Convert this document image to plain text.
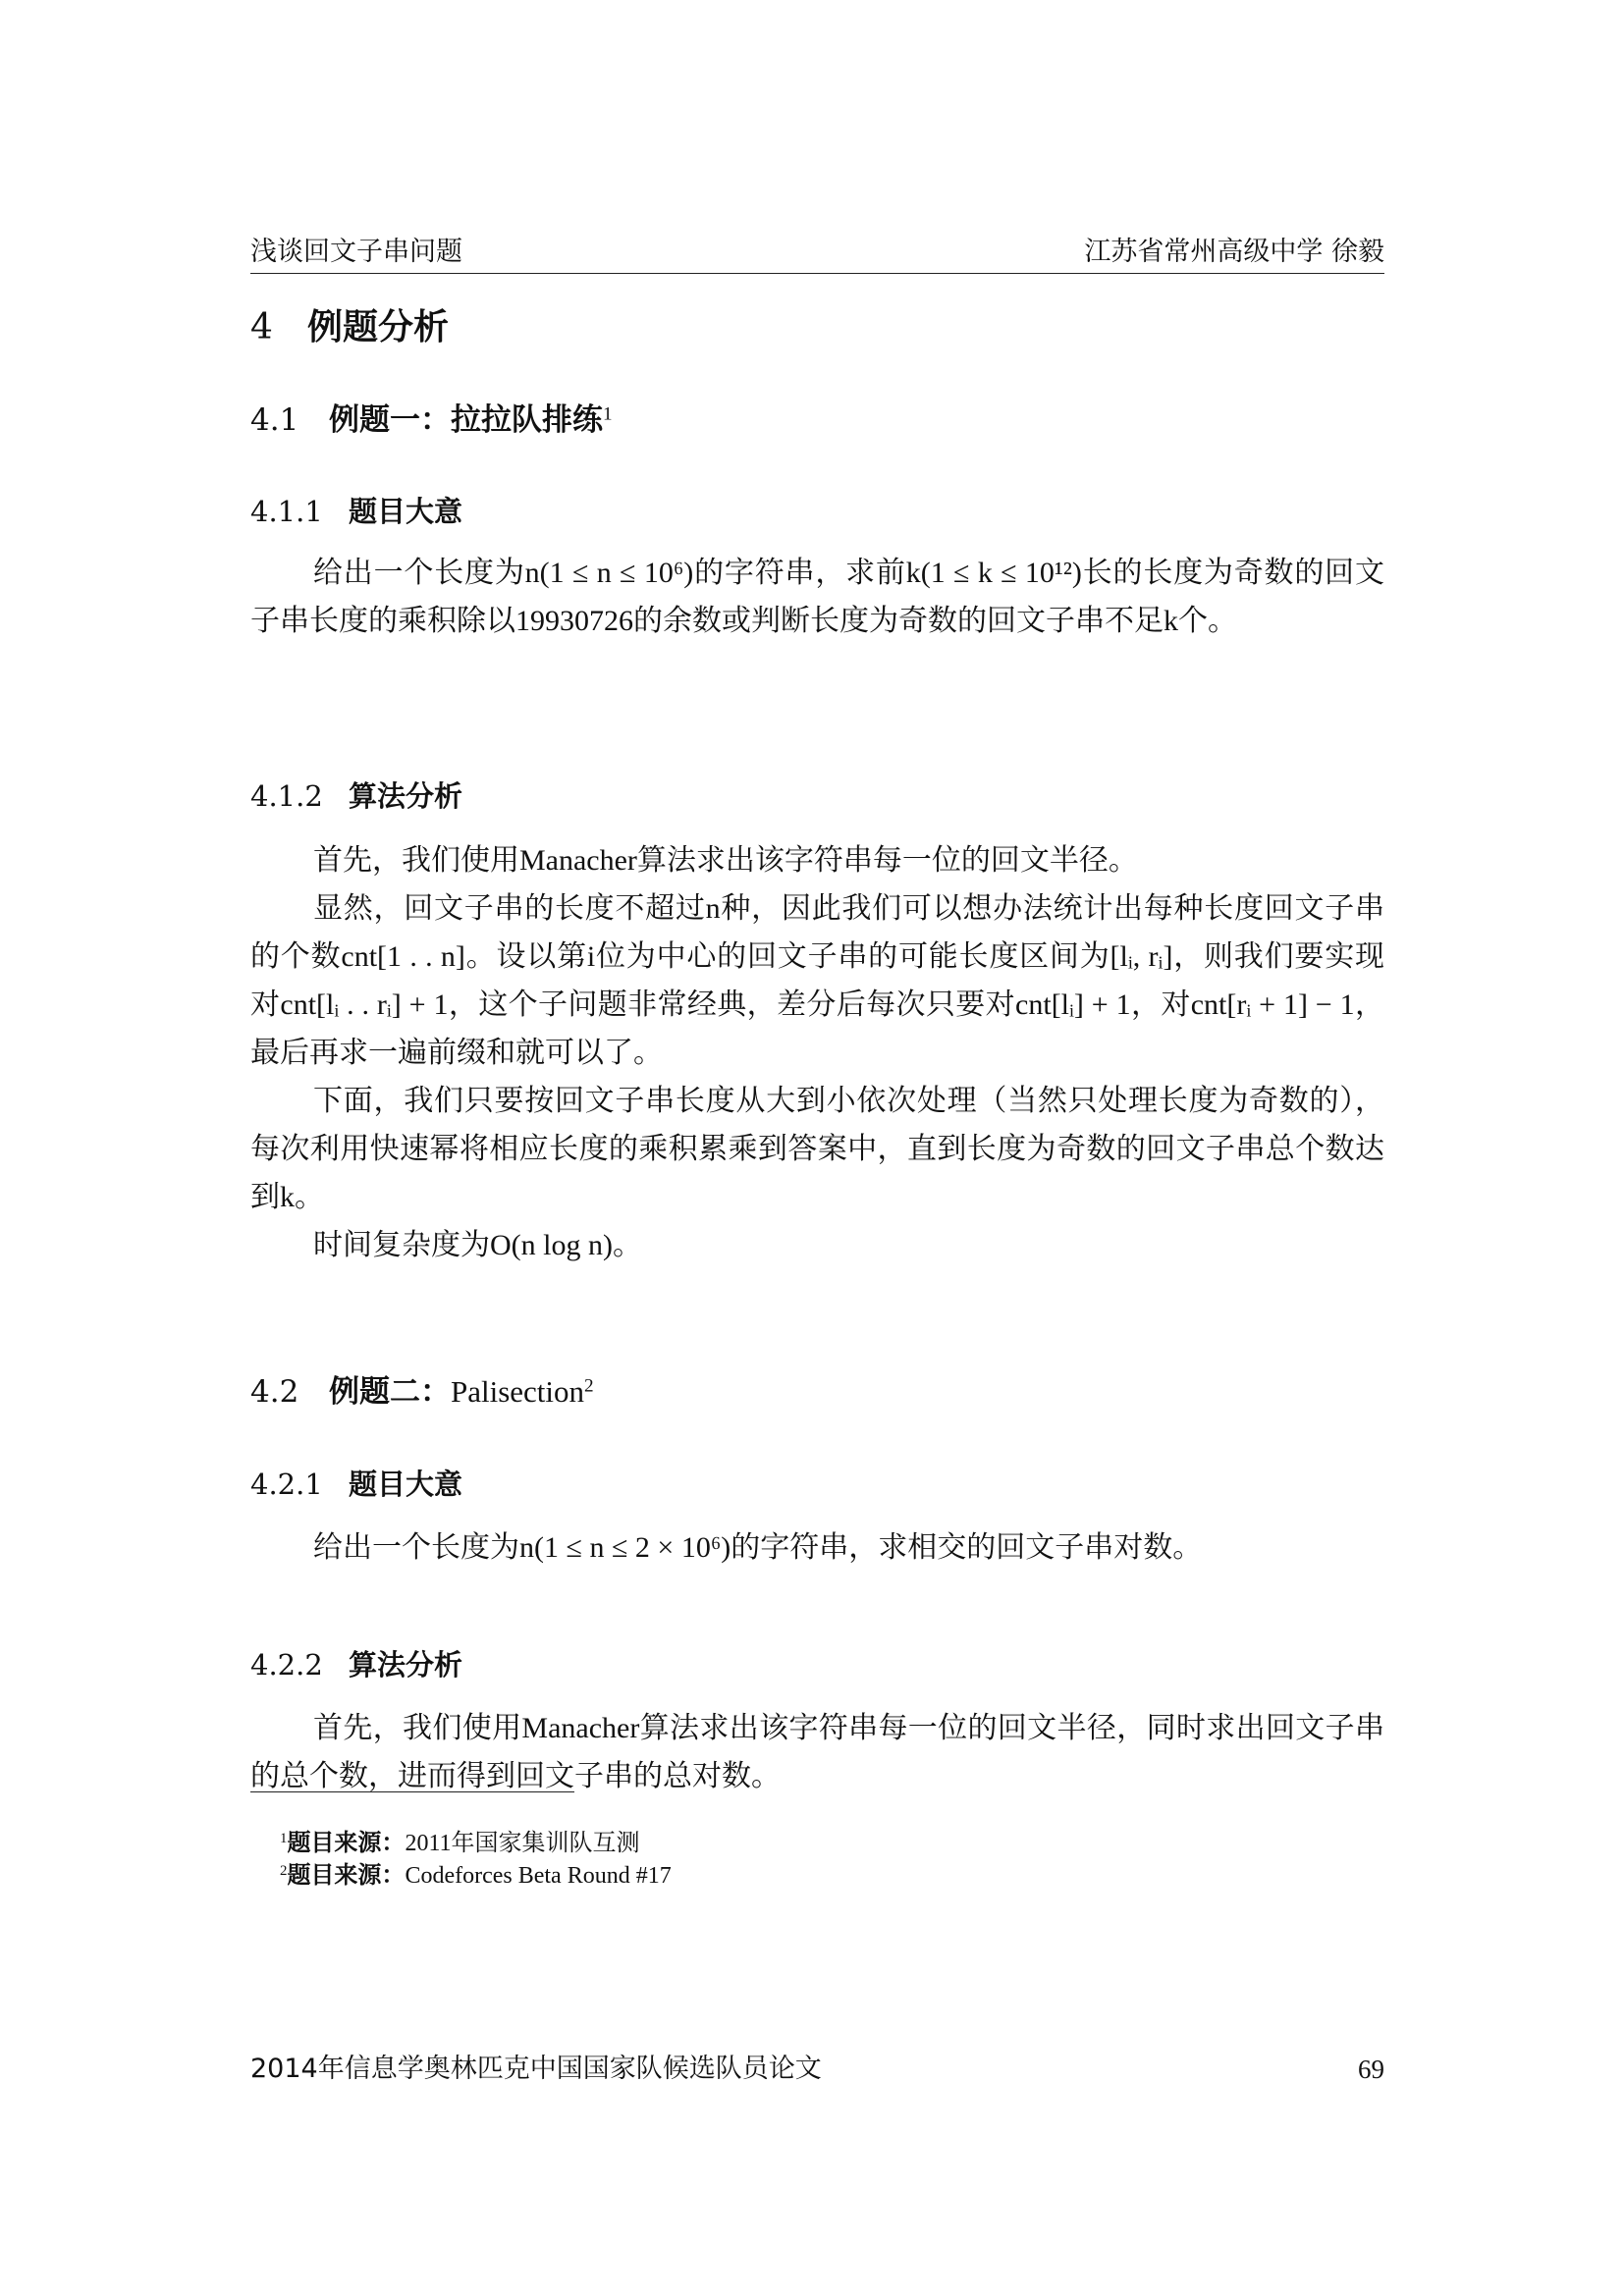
浅谈回文子串问题	江苏省常州高级中学 徐毅
4 例题分析
4.1 例题一：拉拉队排练$^1$
4.1.1 题目大意

给出一个长度为n(1 ≤ n ≤ 10⁶)的字符串，求前k(1 ≤ k ≤ 10¹²)长的长度为奇数的回文子串长度的乘积除以19930726的余数或判断长度为奇数的回文子串不足k个。

4.1.2 算法分析

首先，我们使用Manacher算法求出该字符串每一位的回文半径。

显然，回文子串的长度不超过n种，因此我们可以想办法统计出每种长度回文子串的个数cnt[1 . . n]。设以第i位为中心的回文子串的可能长度区间为[lᵢ, rᵢ]，则我们要实现对cnt[lᵢ . . rᵢ] + 1，这个子问题非常经典，差分后每次只要对cnt[lᵢ] + 1，对cnt[rᵢ + 1] − 1，最后再求一遍前缀和就可以了。

下面，我们只要按回文子串长度从大到小依次处理（当然只处理长度为奇数的），每次利用快速幂将相应长度的乘积累乘到答案中，直到长度为奇数的回文子串总个数达到k。

时间复杂度为O(n log n)。

4.2 例题二：Palisection$^2$
4.2.1 题目大意

给出一个长度为n(1 ≤ n ≤ 2 × 10⁶)的字符串，求相交的回文子串对数。

4.2.2 算法分析

首先，我们使用Manacher算法求出该字符串每一位的回文半径，同时求出回文子串的总个数，进而得到回文子串的总对数。

$^1$题目来源：2011年国家集训队互测
$^2$题目来源：Codeforces Beta Round #17
2014年信息学奥林匹克中国国家队候选队员论文	69
